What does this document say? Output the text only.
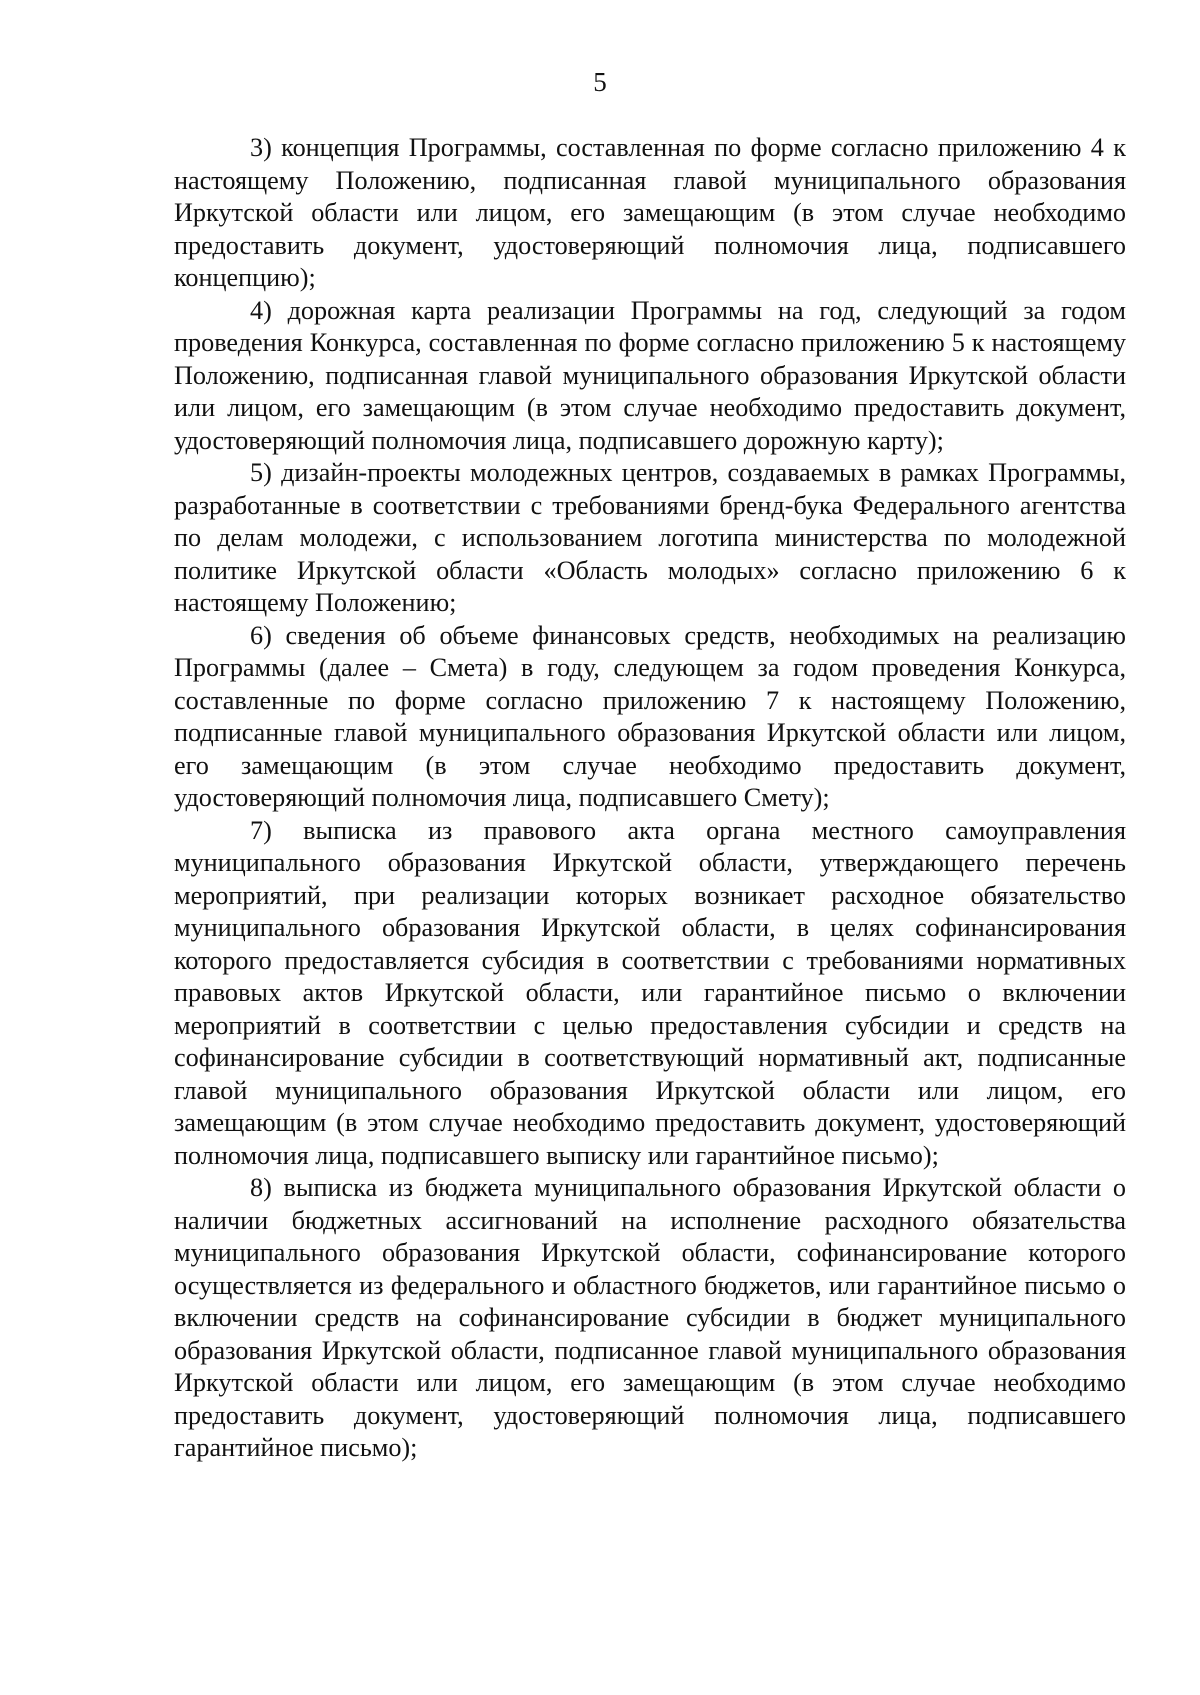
5

3) концепция Программы, составленная по форме согласно приложению 4 к настоящему Положению, подписанная главой муниципального образования Иркутской области или лицом, его замещающим (в этом случае необходимо предоставить документ, удостоверяющий полномочия лица, подписавшего концепцию);

4) дорожная карта реализации Программы на год, следующий за годом проведения Конкурса, составленная по форме согласно приложению 5 к настоящему Положению, подписанная главой муниципального образования Иркутской области или лицом, его замещающим (в этом случае необходимо предоставить документ, удостоверяющий полномочия лица, подписавшего дорожную карту);

5) дизайн-проекты молодежных центров, создаваемых в рамках Программы, разработанные в соответствии с требованиями бренд-бука Федерального агентства по делам молодежи, с использованием логотипа министерства по молодежной политике Иркутской области «Область молодых» согласно приложению 6 к настоящему Положению;

6) сведения об объеме финансовых средств, необходимых на реализацию Программы (далее – Смета) в году, следующем за годом проведения Конкурса, составленные по форме согласно приложению 7 к настоящему Положению, подписанные главой муниципального образования Иркутской области или лицом, его замещающим (в этом случае необходимо предоставить документ, удостоверяющий полномочия лица, подписавшего Смету);

7) выписка из правового акта органа местного самоуправления муниципального образования Иркутской области, утверждающего перечень мероприятий, при реализации которых возникает расходное обязательство муниципального образования Иркутской области, в целях софинансирования которого предоставляется субсидия в соответствии с требованиями нормативных правовых актов Иркутской области, или гарантийное письмо о включении мероприятий в соответствии с целью предоставления субсидии и средств на софинансирование субсидии в соответствующий нормативный акт, подписанные главой муниципального образования Иркутской области или лицом, его замещающим (в этом случае необходимо предоставить документ, удостоверяющий полномочия лица, подписавшего выписку или гарантийное письмо);

8) выписка из бюджета муниципального образования Иркутской области о наличии бюджетных ассигнований на исполнение расходного обязательства муниципального образования Иркутской области, софинансирование которого осуществляется из федерального и областного бюджетов, или гарантийное письмо о включении средств на софинансирование субсидии в бюджет муниципального образования Иркутской области, подписанное главой муниципального образования Иркутской области или лицом, его замещающим (в этом случае необходимо предоставить документ, удостоверяющий полномочия лица, подписавшего гарантийное письмо);
